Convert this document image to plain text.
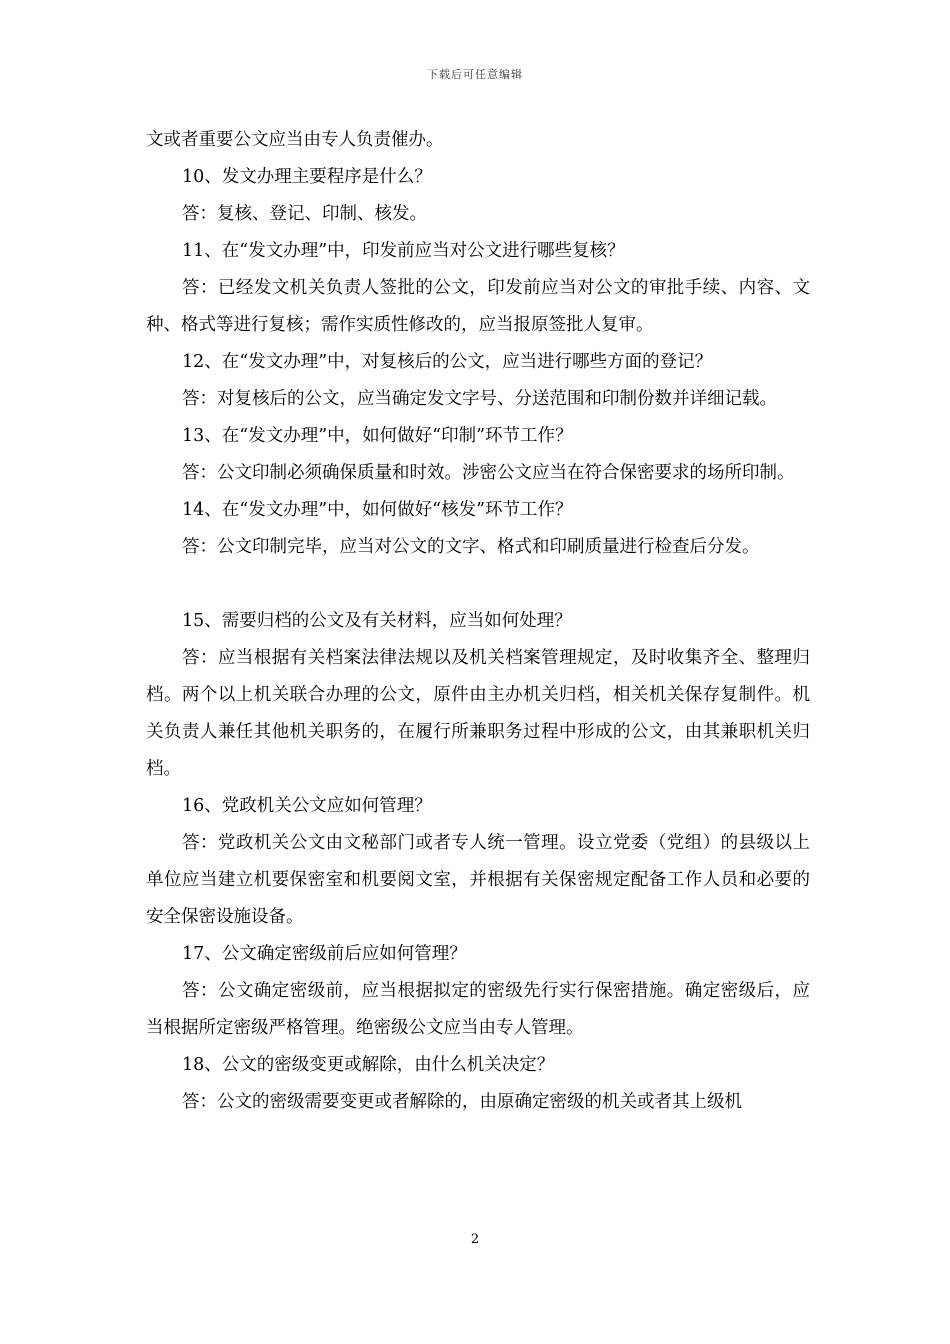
下载后可任意编辑

文或者重要公文应当由专人负责催办。

10、发文办理主要程序是什么？

答：复核、登记、印制、核发。

11、在“发文办理”中，印发前应当对公文进行哪些复核？

答：已经发文机关负责人签批的公文，印发前应当对公文的审批手续、内容、文种、格式等进行复核；需作实质性修改的，应当报原签批人复审。

12、在“发文办理”中，对复核后的公文，应当进行哪些方面的登记？

答：对复核后的公文，应当确定发文字号、分送范围和印制份数并详细记载。

13、在“发文办理”中，如何做好“印制”环节工作？

答：公文印制必须确保质量和时效。涉密公文应当在符合保密要求的场所印制。

14、在“发文办理”中，如何做好“核发”环节工作？

答：公文印制完毕，应当对公文的文字、格式和印刷质量进行检查后分发。

15、需要归档的公文及有关材料，应当如何处理？

答：应当根据有关档案法律法规以及机关档案管理规定，及时收集齐全、整理归档。两个以上机关联合办理的公文，原件由主办机关归档，相关机关保存复制件。机关负责人兼任其他机关职务的，在履行所兼职务过程中形成的公文，由其兼职机关归档。

16、党政机关公文应如何管理？

答：党政机关公文由文秘部门或者专人统一管理。设立党委（党组）的县级以上单位应当建立机要保密室和机要阅文室，并根据有关保密规定配备工作人员和必要的安全保密设施设备。

17、公文确定密级前后应如何管理？

答：公文确定密级前，应当根据拟定的密级先行实行保密措施。确定密级后，应当根据所定密级严格管理。绝密级公文应当由专人管理。

18、公文的密级变更或解除，由什么机关决定？

答：公文的密级需要变更或者解除的，由原确定密级的机关或者其上级机

2
